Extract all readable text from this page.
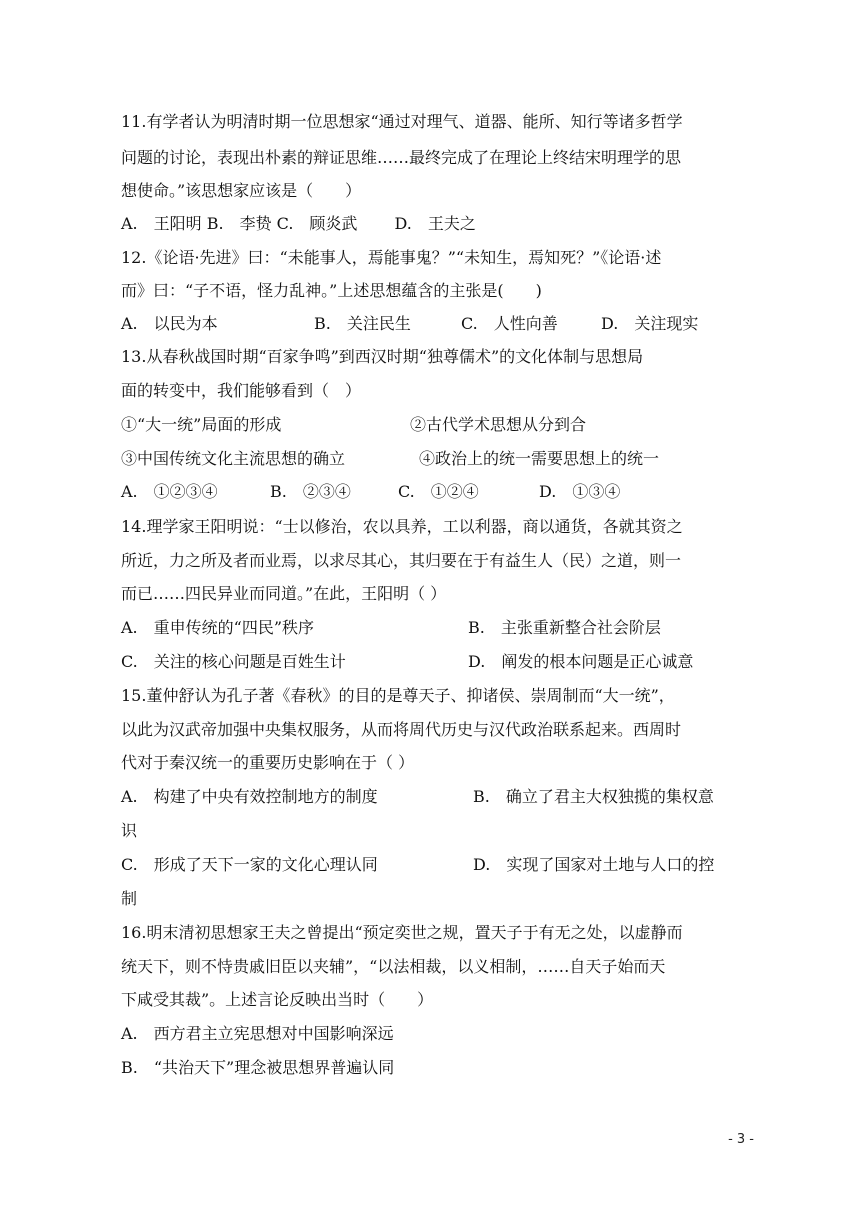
11.有学者认为明清时期一位思想家“通过对理气、道器、能所、知行等诸多哲学
问题的讨论，表现出朴素的辩证思维……最终完成了在理论上终结宋明理学的思
想使命。”该思想家应该是（　　）
A.　王阳明 B.　李贽 C.　顾炎武　　 D.　王夫之
12.《论语·先进》曰：“未能事人，焉能事鬼？”“未知生，焉知死？”《论语·述
而》曰：“子不语，怪力乱神。”上述思想蕴含的主张是(　　)
A.　以民为本	B.　关注民生	C.　人性向善	D.　关注现实
13.从春秋战国时期“百家争鸣”到西汉时期“独尊儒术”的文化体制与思想局
面的转变中，我们能够看到（　）
①“大一统”局面的形成	②古代学术思想从分到合
③中国传统文化主流思想的确立	④政治上的统一需要思想上的统一
A.　①②③④	B.　②③④	C.　①②④	D.　①③④
14.理学家王阳明说：“士以修治，农以具养，工以利器，商以通货，各就其资之
所近，力之所及者而业焉，以求尽其心，其归要在于有益生人（民）之道，则一
而已……四民异业而同道。”在此，王阳明（ ）
A.　重申传统的“四民”秩序	B.　主张重新整合社会阶层
C.　关注的核心问题是百姓生计	D.　阐发的根本问题是正心诚意
15.董仲舒认为孔子著《春秋》的目的是尊天子、抑诸侯、崇周制而“大一统”，
以此为汉武帝加强中央集权服务，从而将周代历史与汉代政治联系起来。西周时
代对于秦汉统一的重要历史影响在于（ ）
A.　构建了中央有效控制地方的制度	B.　确立了君主大权独揽的集权意
识
C.　形成了天下一家的文化心理认同	D.　实现了国家对土地与人口的控
制
16.明末清初思想家王夫之曾提出“预定奕世之规，置天子于有无之处，以虚静而
统天下，则不恃贵戚旧臣以夹辅”，“以法相裁，以义相制，……自天子始而天
下咸受其裁”。上述言论反映出当时（　　）
A.　西方君主立宪思想对中国影响深远
B.　“共治天下”理念被思想界普遍认同
- 3 -
